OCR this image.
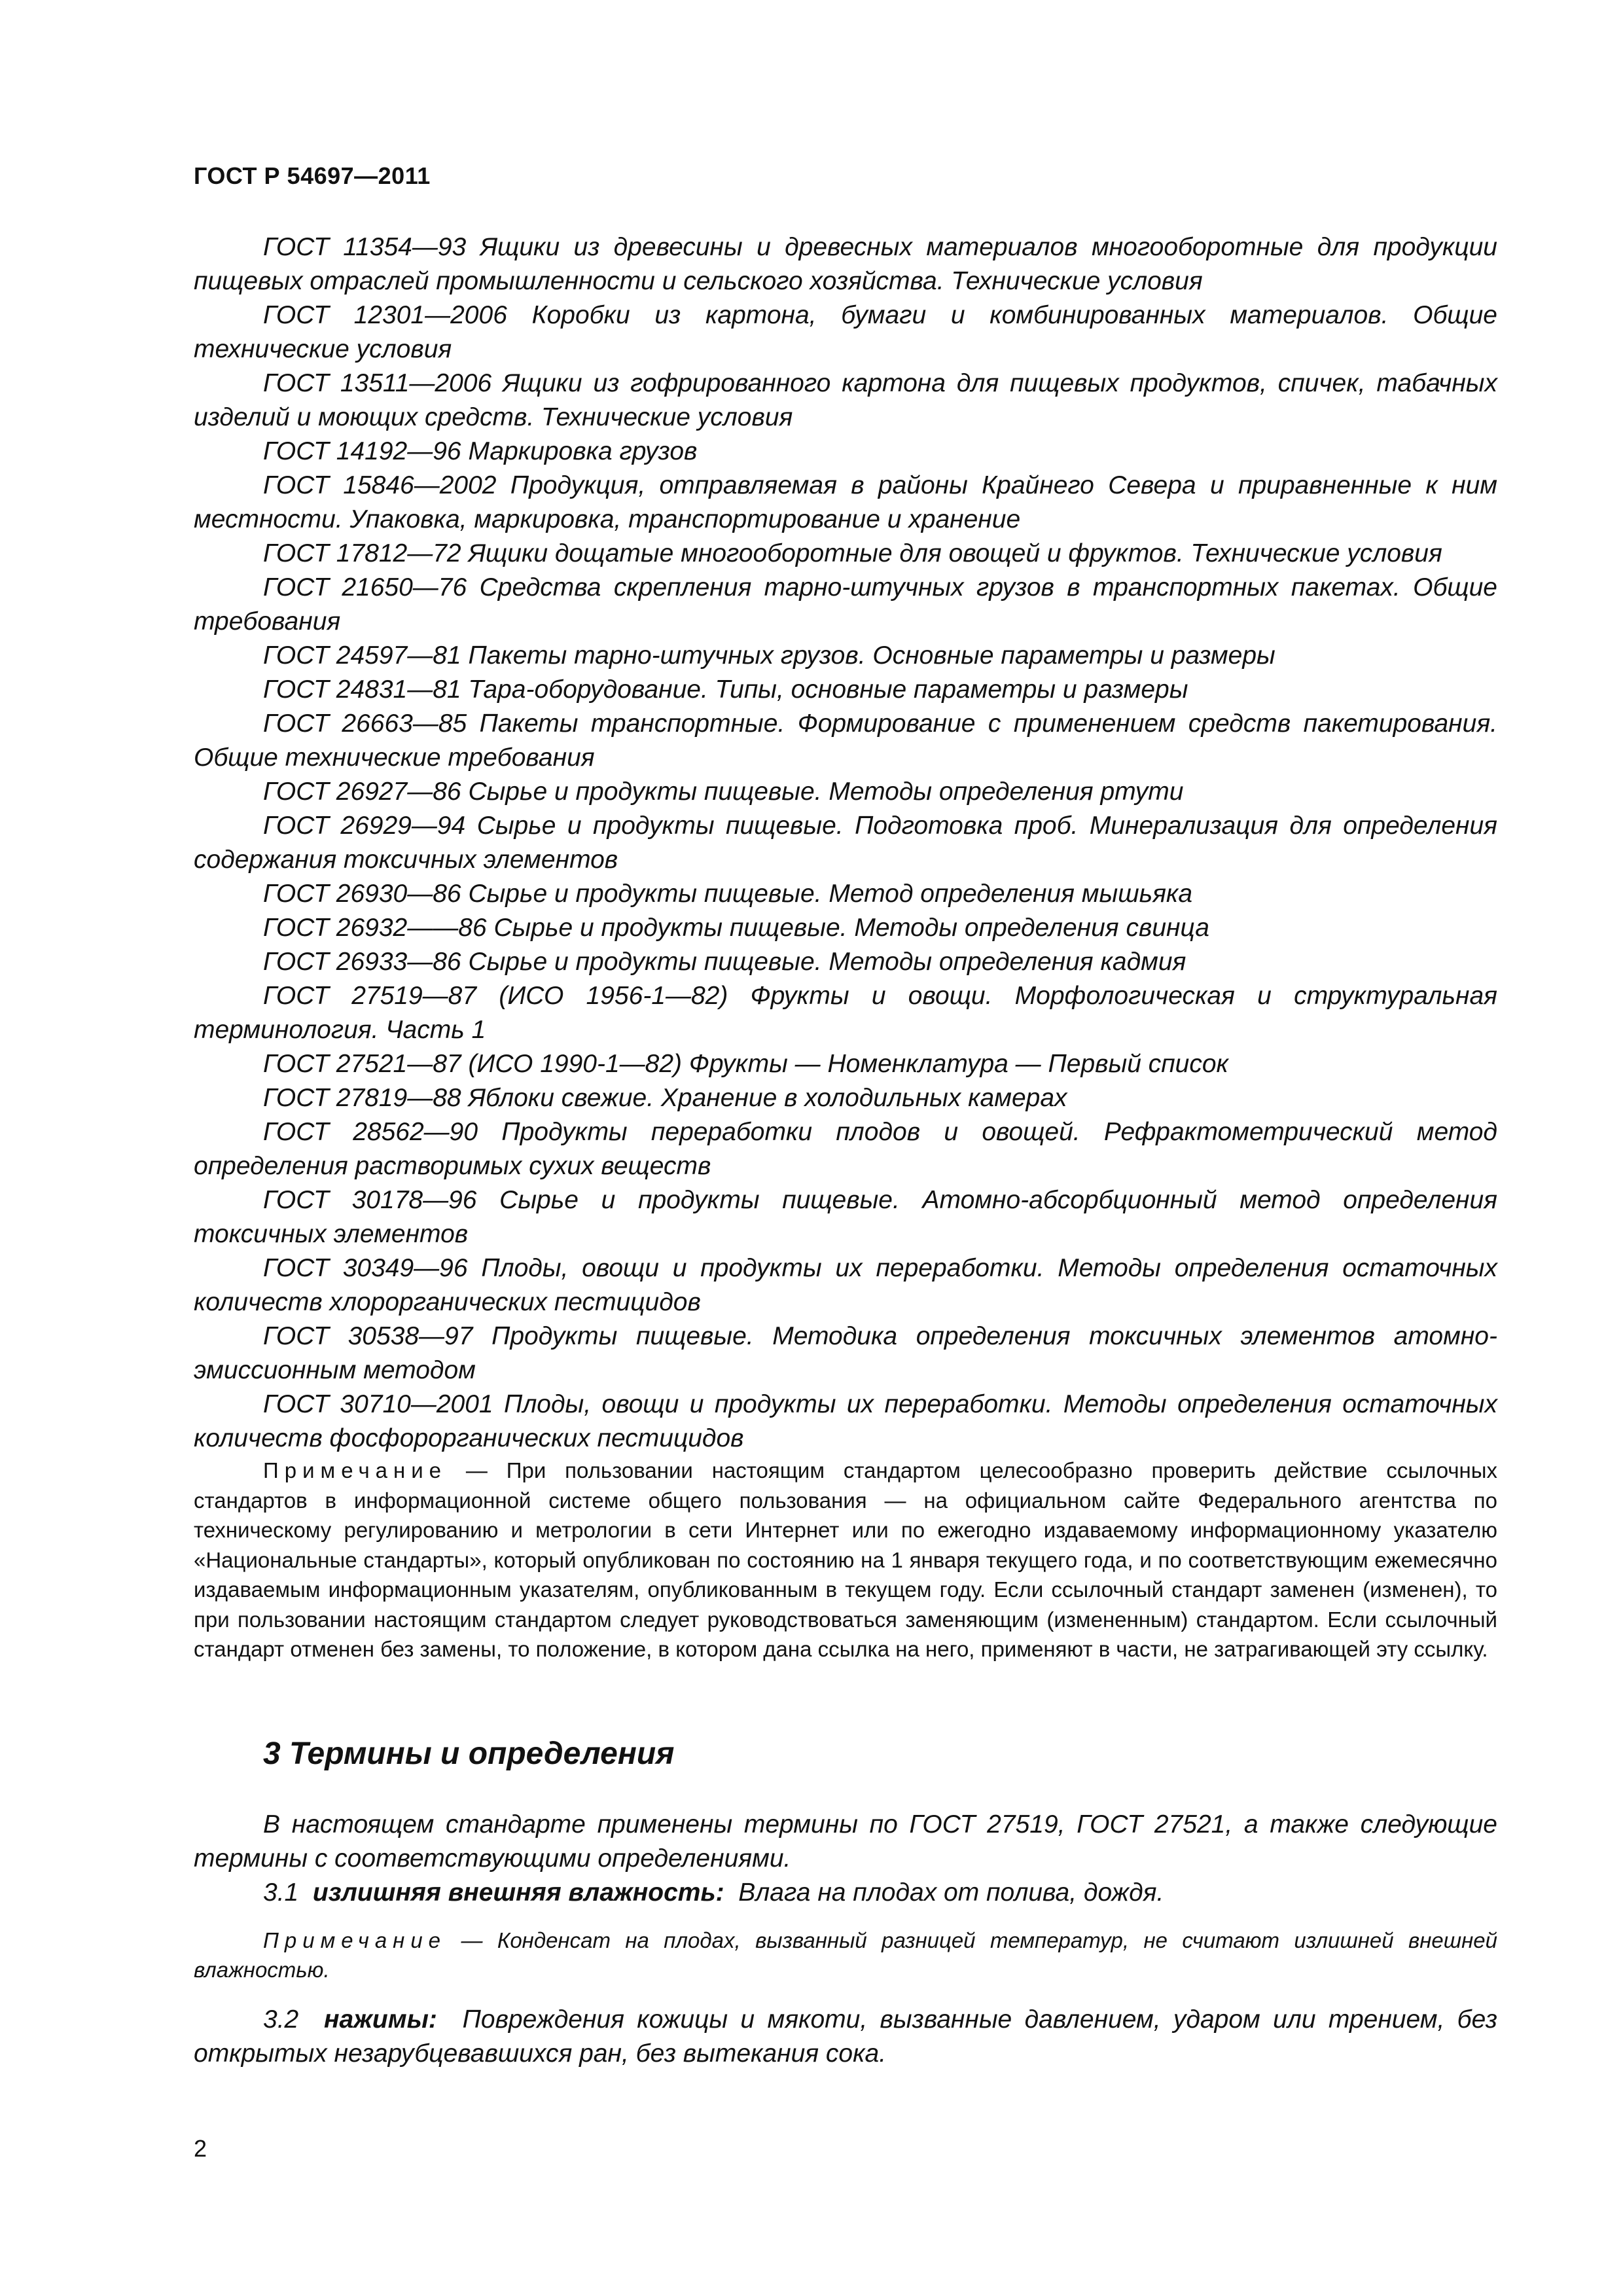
ГОСТ Р 54697—2011

ГОСТ 11354—93 Ящики из древесины и древесных материалов многооборотные для продукции пищевых отраслей промышленности и сельского хозяйства. Технические условия

ГОСТ 12301—2006 Коробки из картона, бумаги и комбинированных материалов. Общие технические условия

ГОСТ 13511—2006 Ящики из гофрированного картона для пищевых продуктов, спичек, табачных изделий и моющих средств. Технические условия

ГОСТ 14192—96 Маркировка грузов

ГОСТ 15846—2002 Продукция, отправляемая в районы Крайнего Севера и приравненные к ним местности. Упаковка, маркировка, транспортирование и хранение

ГОСТ 17812—72 Ящики дощатые многооборотные для овощей и фруктов. Технические условия

ГОСТ 21650—76 Средства скрепления тарно-штучных грузов в транспортных пакетах. Общие требования

ГОСТ 24597—81 Пакеты тарно-штучных грузов. Основные параметры и размеры

ГОСТ 24831—81 Тара-оборудование. Типы, основные параметры и размеры

ГОСТ 26663—85 Пакеты транспортные. Формирование с применением средств пакетирования. Общие технические требования

ГОСТ 26927—86 Сырье и продукты пищевые. Методы определения ртути

ГОСТ 26929—94 Сырье и продукты пищевые. Подготовка проб. Минерализация для определения содержания токсичных элементов

ГОСТ 26930—86 Сырье и продукты пищевые. Метод определения мышьяка

ГОСТ 26932——86 Сырье и продукты пищевые. Методы определения свинца

ГОСТ 26933—86 Сырье и продукты пищевые. Методы определения кадмия

ГОСТ 27519—87 (ИСО 1956-1—82) Фрукты и овощи. Морфологическая и структуральная терминология. Часть 1

ГОСТ 27521—87 (ИСО 1990-1—82) Фрукты — Номенклатура — Первый список

ГОСТ 27819—88 Яблоки свежие. Хранение в холодильных камерах

ГОСТ 28562—90 Продукты переработки плодов и овощей. Рефрактометрический метод определения растворимых сухих веществ

ГОСТ 30178—96 Сырье и продукты пищевые. Атомно-абсорбционный метод определения токсичных элементов

ГОСТ 30349—96 Плоды, овощи и продукты их переработки. Методы определения остаточных количеств хлорорганических пестицидов

ГОСТ 30538—97 Продукты пищевые. Методика определения токсичных элементов атомно-эмиссионным методом

ГОСТ 30710—2001 Плоды, овощи и продукты их переработки. Методы определения остаточных количеств фосфорорганических пестицидов

Примечание — При пользовании настоящим стандартом целесообразно проверить действие ссылочных стандартов в информационной системе общего пользования — на официальном сайте Федерального агентства по техническому регулированию и метрологии в сети Интернет или по ежегодно издаваемому информационному указателю «Национальные стандарты», который опубликован по состоянию на 1 января текущего года, и по соответствующим ежемесячно издаваемым информационным указателям, опубликованным в текущем году. Если ссылочный стандарт заменен (изменен), то при пользовании настоящим стандартом следует руководствоваться заменяющим (измененным) стандартом. Если ссылочный стандарт отменен без замены, то положение, в котором дана ссылка на него, применяют в части, не затрагивающей эту ссылку.
3 Термины и определения

В настоящем стандарте применены термины по ГОСТ 27519, ГОСТ 27521, а также следующие термины с соответствующими определениями.

3.1 излишняя внешняя влажность: Влага на плодах от полива, дождя.

Примечание — Конденсат на плодах, вызванный разницей температур, не считают излишней внешней влажностью.

3.2 нажимы: Повреждения кожицы и мякоти, вызванные давлением, ударом или трением, без открытых незарубцевавшихся ран, без вытекания сока.

2
